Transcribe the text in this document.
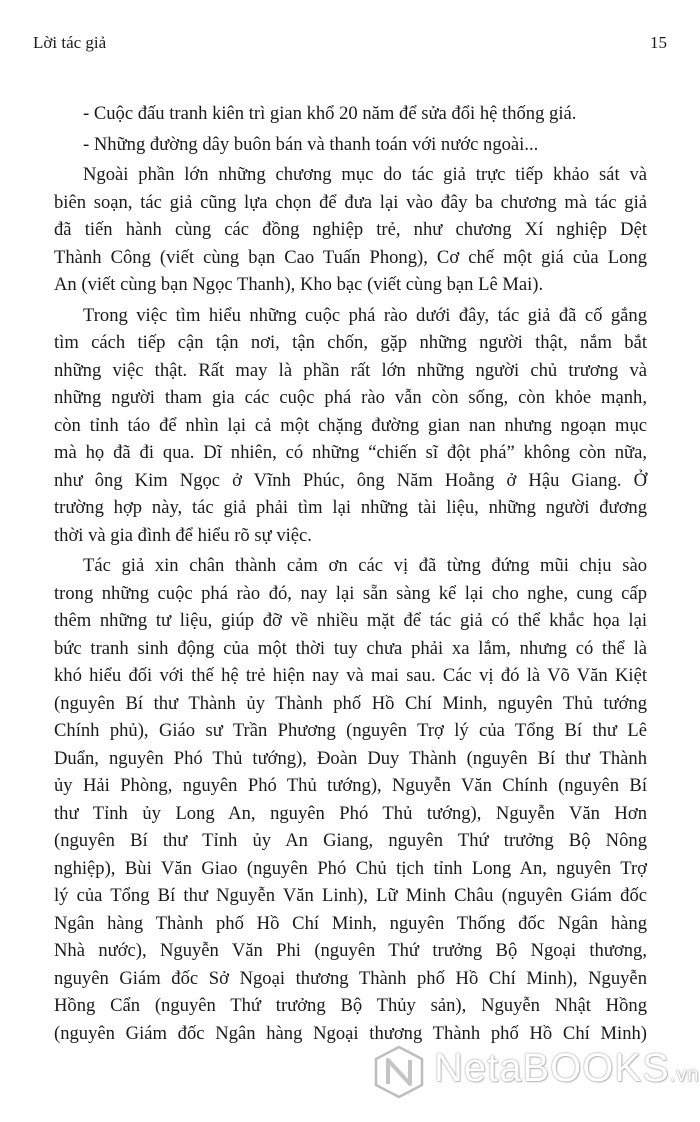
Lời tác giả	15
- Cuộc đấu tranh kiên trì gian khổ 20 năm để sửa đổi hệ thống giá.
- Những đường dây buôn bán và thanh toán với nước ngoài...
Ngoài phần lớn những chương mục do tác giả trực tiếp khảo sát và
biên soạn, tác giả cũng lựa chọn để đưa lại vào đây ba chương mà tác giả
đã tiến hành cùng các đồng nghiệp trẻ, như chương Xí nghiệp Dệt
Thành Công (viết cùng bạn Cao Tuấn Phong), Cơ chế một giá của Long
An (viết cùng bạn Ngọc Thanh), Kho bạc (viết cùng bạn Lê Mai).
Trong việc tìm hiểu những cuộc phá rào dưới đây, tác giả đã cố gắng
tìm cách tiếp cận tận nơi, tận chốn, gặp những người thật, nắm bắt
những việc thật. Rất may là phần rất lớn những người chủ trương và
những người tham gia các cuộc phá rào vẫn còn sống, còn khỏe mạnh,
còn tỉnh táo để nhìn lại cả một chặng đường gian nan nhưng ngoạn mục
mà họ đã đi qua. Dĩ nhiên, có những “chiến sĩ đột phá” không còn nữa,
như ông Kim Ngọc ở Vĩnh Phúc, ông Năm Hoằng ở Hậu Giang. Ở
trường hợp này, tác giả phải tìm lại những tài liệu, những người đương
thời và gia đình để hiểu rõ sự việc.
Tác giả xin chân thành cảm ơn các vị đã từng đứng mũi chịu sào
trong những cuộc phá rào đó, nay lại sẵn sàng kể lại cho nghe, cung cấp
thêm những tư liệu, giúp đỡ về nhiều mặt để tác giả có thể khắc họa lại
bức tranh sinh động của một thời tuy chưa phải xa lắm, nhưng có thể là
khó hiểu đối với thế hệ trẻ hiện nay và mai sau. Các vị đó là Võ Văn Kiệt
(nguyên Bí thư Thành ủy Thành phố Hồ Chí Minh, nguyên Thủ tướng
Chính phủ), Giáo sư Trần Phương (nguyên Trợ lý của Tổng Bí thư Lê
Duẩn, nguyên Phó Thủ tướng), Đoàn Duy Thành (nguyên Bí thư Thành
ủy Hải Phòng, nguyên Phó Thủ tướng), Nguyễn Văn Chính (nguyên Bí
thư Tỉnh ủy Long An, nguyên Phó Thủ tướng), Nguyễn Văn Hơn
(nguyên Bí thư Tỉnh ủy An Giang, nguyên Thứ trưởng Bộ Nông
nghiệp), Bùi Văn Giao (nguyên Phó Chủ tịch tỉnh Long An, nguyên Trợ
lý của Tổng Bí thư Nguyễn Văn Linh), Lữ Minh Châu (nguyên Giám đốc
Ngân hàng Thành phố Hồ Chí Minh, nguyên Thống đốc Ngân hàng
Nhà nước), Nguyễn Văn Phi (nguyên Thứ trưởng Bộ Ngoại thương,
nguyên Giám đốc Sở Ngoại thương Thành phố Hồ Chí Minh), Nguyễn
Hồng Cẩn (nguyên Thứ trưởng Bộ Thủy sản), Nguyễn Nhật Hồng
(nguyên Giám đốc Ngân hàng Ngoại thương Thành phố Hồ Chí Minh)
NetaBOOKS.vn
